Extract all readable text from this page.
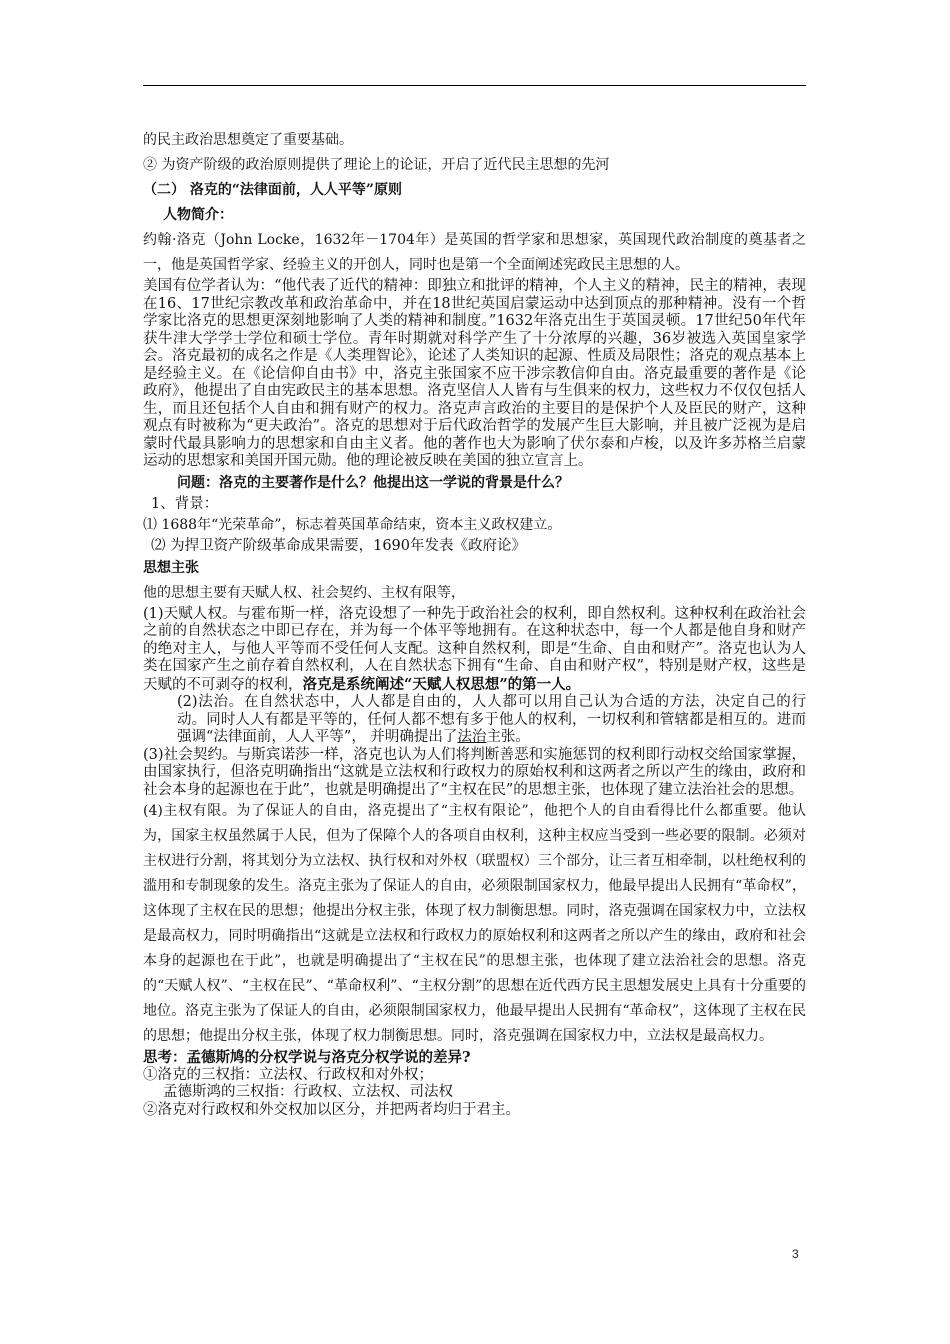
的民主政治思想奠定了重要基础。

② 为资产阶级的政治原则提供了理论上的论证，开启了近代民主思想的先河

（二） 洛克的“法律面前，人人平等”原则

人物简介：

约翰·洛克（John Locke，1632年－1704年）是英国的哲学家和思想家，英国现代政治制度的奠基者之一，他是英国哲学家、经验主义的开创人，同时也是第一个全面阐述宪政民主思想的人。

美国有位学者认为：“他代表了近代的精神：即独立和批评的精神，个人主义的精神，民主的精神，表现在16、17世纪宗教改革和政治革命中，并在18世纪英国启蒙运动中达到顶点的那种精神。没有一个哲学家比洛克的思想更深刻地影响了人类的精神和制度。”1632年洛克出生于英国灵顿。17世纪50年代年获牛津大学学士学位和硕士学位。青年时期就对科学产生了十分浓厚的兴趣，36岁被选入英国皇家学会。洛克最初的成名之作是《人类理智论》，论述了人类知识的起源、性质及局限性；洛克的观点基本上是经验主义。在《论信仰自由书》中，洛克主张国家不应干涉宗教信仰自由。洛克最重要的著作是《论政府》，他提出了自由宪政民主的基本思想。洛克坚信人人皆有与生俱来的权力，这些权力不仅仅包括人生，而且还包括个人自由和拥有财产的权力。洛克声言政治的主要目的是保护个人及臣民的财产，这种观点有时被称为“更夫政治”。洛克的思想对于后代政治哲学的发展产生巨大影响，并且被广泛视为是启蒙时代最具影响力的思想家和自由主义者。他的著作也大为影响了伏尔泰和卢梭，以及许多苏格兰启蒙运动的思想家和美国开国元勋。他的理论被反映在美国的独立宣言上。

问题：洛克的主要著作是什么？他提出这一学说的背景是什么？

1、背景：

⑴ 1688年“光荣革命”，标志着英国革命结束，资本主义政权建立。

⑵ 为捍卫资产阶级革命成果需要，1690年发表《政府论》

思想主张

他的思想主要有天赋人权、社会契约、主权有限等，

(1)天赋人权。与霍布斯一样，洛克设想了一种先于政治社会的权利，即自然权利。这种权利在政治社会之前的自然状态之中即已存在，并为每一个体平等地拥有。在这种状态中，每一个人都是他自身和财产的绝对主人，与他人平等而不受任何人支配。这种自然权利，即是“生命、自由和财产”。洛克也认为人类在国家产生之前存着自然权利，人在自然状态下拥有“生命、自由和财产权”，特别是财产权，这些是天赋的不可剥夺的权利，洛克是系统阐述“天赋人权思想”的第一人。

(2)法治。在自然状态中，人人都是自由的，人人都可以用自己认为合适的方法，决定自己的行动。同时人人有都是平等的，任何人都不想有多于他人的权利，一切权利和管辖都是相互的。进而强调“法律面前，人人平等”， 并明确提出了法治主张。

(3)社会契约。与斯宾诺莎一样，洛克也认为人们将判断善恶和实施惩罚的权利即行动权交给国家掌握，由国家执行，但洛克明确指出“这就是立法权和行政权力的原始权利和这两者之所以产生的缘由，政府和社会本身的起源也在于此”，也就是明确提出了“主权在民”的思想主张，也体现了建立法治社会的思想。

(4)主权有限。为了保证人的自由，洛克提出了“主权有限论”，他把个人的自由看得比什么都重要。他认为，国家主权虽然属于人民，但为了保障个人的各项自由权利，这种主权应当受到一些必要的限制。必须对主权进行分割，将其划分为立法权、执行权和对外权（联盟权）三个部分，让三者互相牵制，以杜绝权利的滥用和专制现象的发生。洛克主张为了保证人的自由，必须限制国家权力，他最早提出人民拥有“革命权”，这体现了主权在民的思想；他提出分权主张，体现了权力制衡思想。同时，洛克强调在国家权力中，立法权是最高权力，同时明确指出“这就是立法权和行政权力的原始权利和这两者之所以产生的缘由，政府和社会本身的起源也在于此”，也就是明确提出了“主权在民”的思想主张，也体现了建立法治社会的思想。洛克的“天赋人权”、“主权在民”、“革命权利”、“主权分割”的思想在近代西方民主思想发展史上具有十分重要的地位。洛克主张为了保证人的自由，必须限制国家权力，他最早提出人民拥有“革命权”，这体现了主权在民的思想；他提出分权主张，体现了权力制衡思想。同时，洛克强调在国家权力中，立法权是最高权力。

思考：孟德斯鸠的分权学说与洛克分权学说的差异?

①洛克的三权指：立法权、行政权和对外权；

孟德斯鸿的三权指：行政权、立法权、司法权

②洛克对行政权和外交权加以区分，并把两者均归于君主。

3
